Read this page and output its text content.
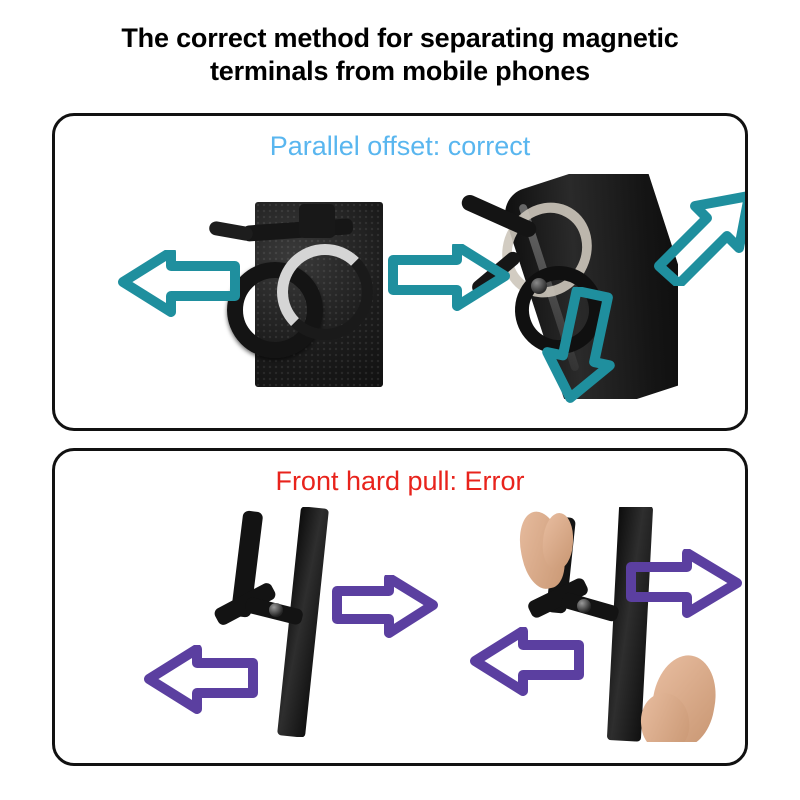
The correct method for separating magnetic
terminals from mobile phones
Parallel offset: correct
Front hard pull: Error
